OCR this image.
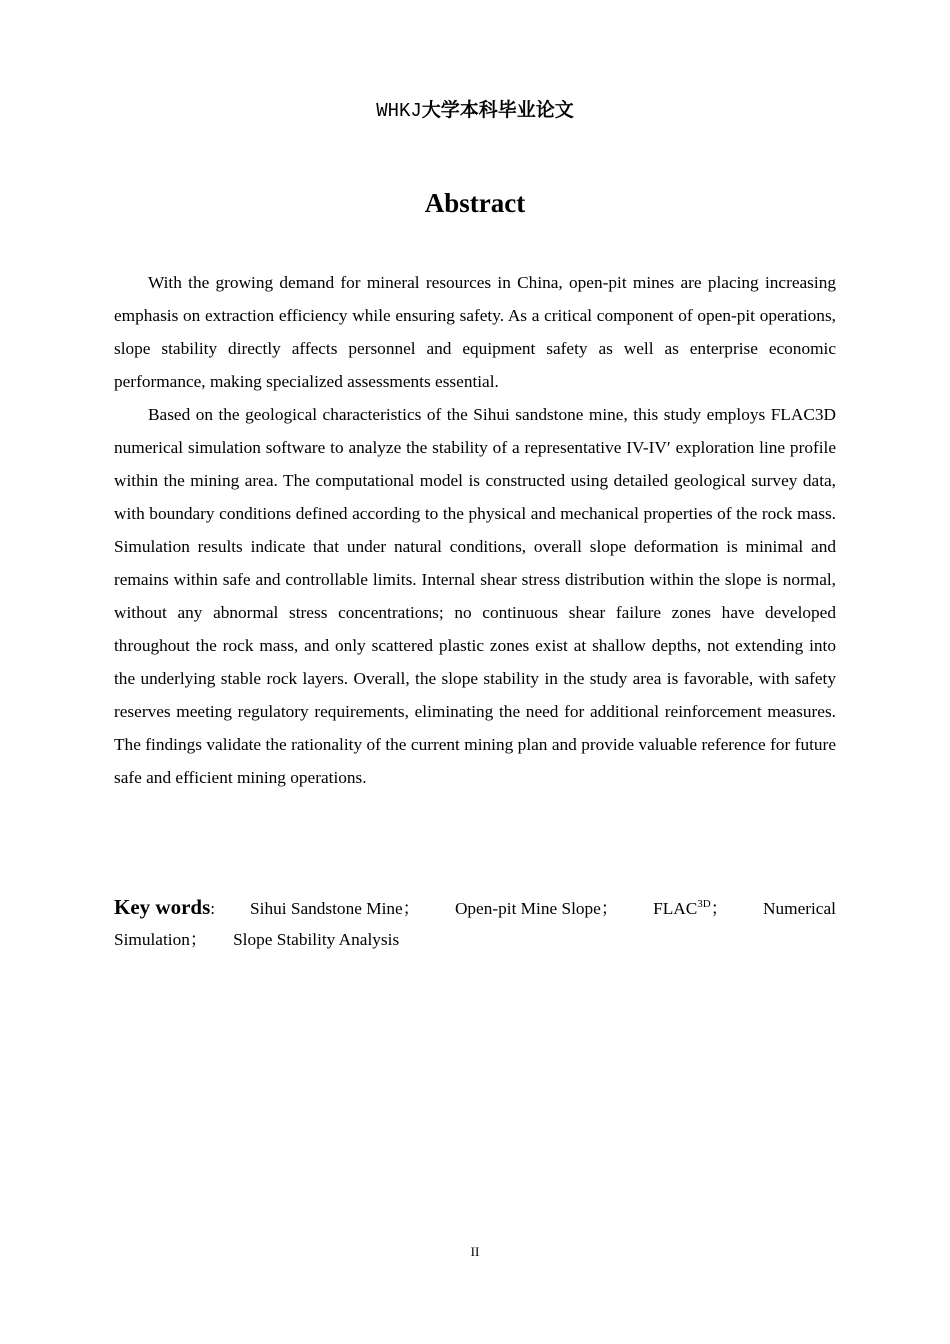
WHKJ大学本科毕业论文
Abstract

With the growing demand for mineral resources in China, open-pit mines are placing increasing emphasis on extraction efficiency while ensuring safety. As a critical component of open-pit operations, slope stability directly affects personnel and equipment safety as well as enterprise economic performance, making specialized assessments essential.

Based on the geological characteristics of the Sihui sandstone mine, this study employs FLAC3D numerical simulation software to analyze the stability of a representative IV-IV′ exploration line profile within the mining area. The computational model is constructed using detailed geological survey data, with boundary conditions defined according to the physical and mechanical properties of the rock mass. Simulation results indicate that under natural conditions, overall slope deformation is minimal and remains within safe and controllable limits. Internal shear stress distribution within the slope is normal, without any abnormal stress concentrations; no continuous shear failure zones have developed throughout the rock mass, and only scattered plastic zones exist at shallow depths, not extending into the underlying stable rock layers. Overall, the slope stability in the study area is favorable, with safety reserves meeting regulatory requirements, eliminating the need for additional reinforcement measures. The findings validate the rationality of the current mining plan and provide valuable reference for future safe and efficient mining operations.

Key words: Sihui Sandstone Mine； Open-pit Mine Slope； $FLAC^{3D}$； Numerical
Simulation； Slope Stability Analysis
II
